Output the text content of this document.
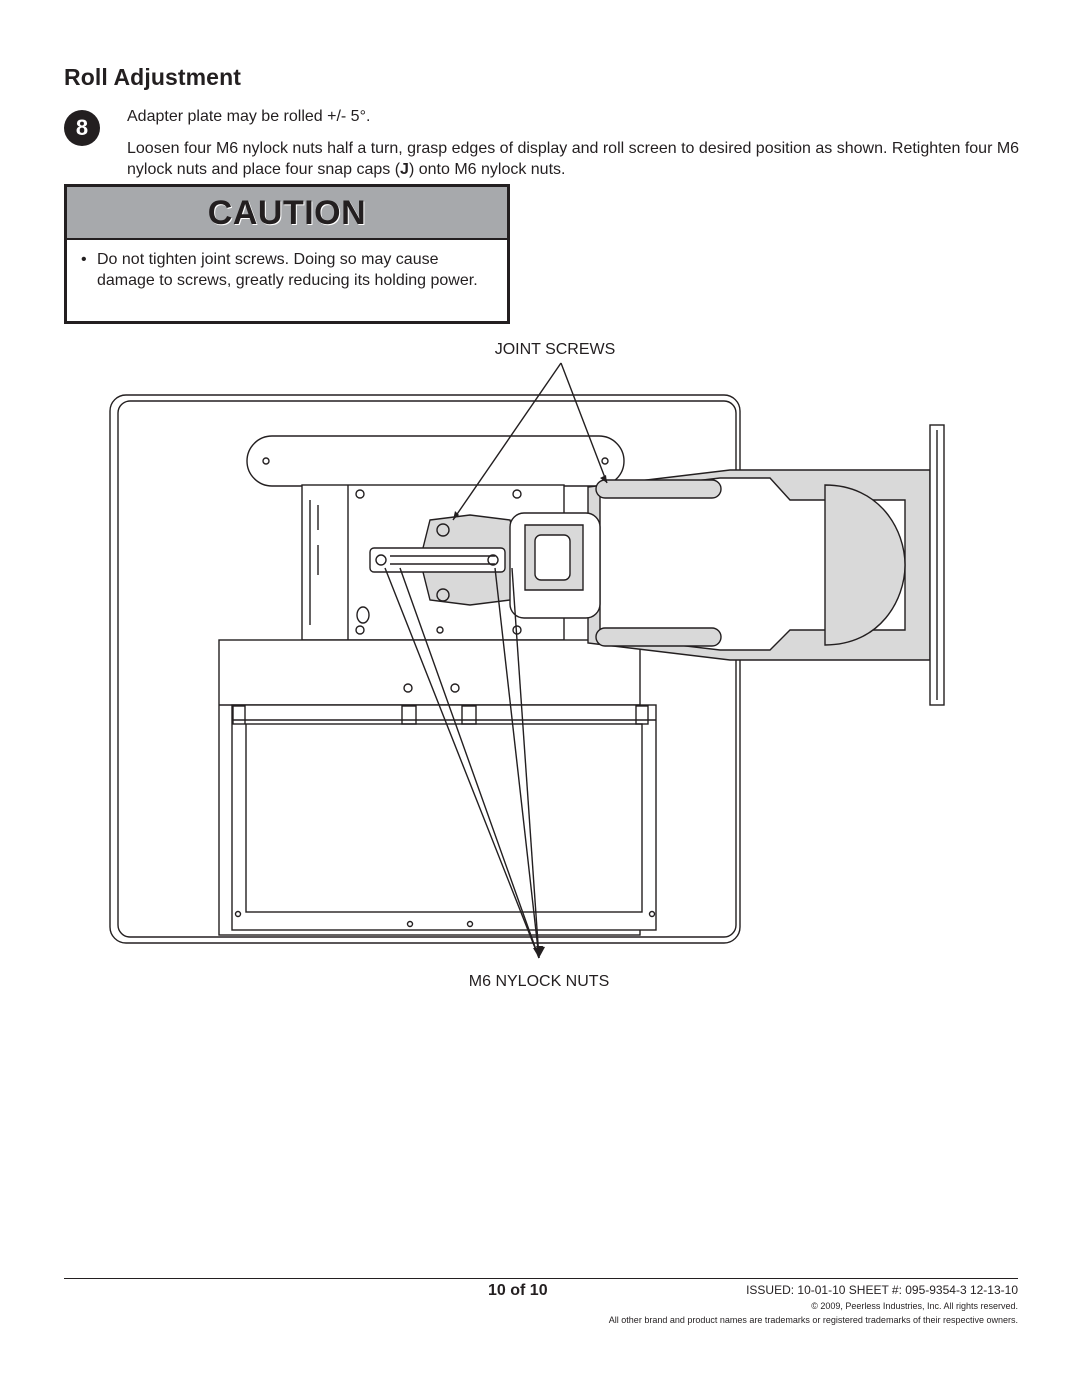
Roll Adjustment
8	Adapter plate may be rolled +/- 5°.

Loosen four M6 nylock nuts half a turn, grasp edges of display and roll screen to desired position as shown. Retighten four M6 nylock nuts and place four snap caps (J) onto M6 nylock nuts.

CAUTION
• Do not tighten joint screws. Doing so may cause damage to screws, greatly reducing its holding power.
JOINT SCREWS
M6 NYLOCK NUTS
10 of 10	ISSUED: 10-01-10 SHEET #: 095-9354-3 12-13-10
© 2009, Peerless Industries, Inc. All rights reserved.
All other brand and product names are trademarks or registered trademarks of their respective owners.
